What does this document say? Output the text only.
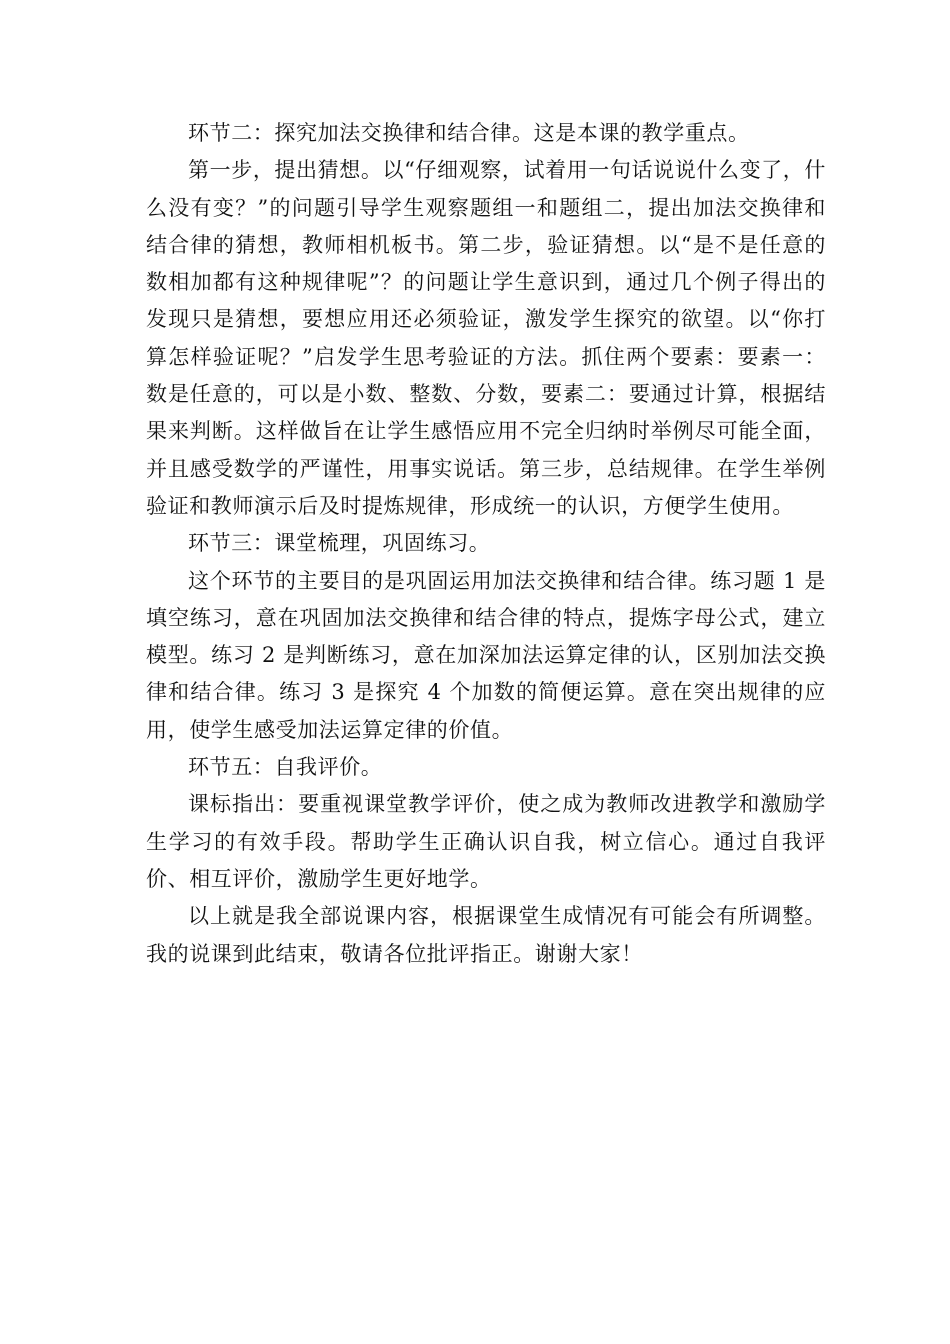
环节二：探究加法交换律和结合律。这是本课的教学重点。

第一步，提出猜想。以“仔细观察，试着用一句话说说什么变了，什么没有变？”的问题引导学生观察题组一和题组二，提出加法交换律和结合律的猜想，教师相机板书。第二步，验证猜想。以“是不是任意的数相加都有这种规律呢”？的问题让学生意识到，通过几个例子得出的发现只是猜想，要想应用还必须验证，激发学生探究的欲望。以“你打算怎样验证呢？”启发学生思考验证的方法。抓住两个要素：要素一：数是任意的，可以是小数、整数、分数，要素二：要通过计算，根据结果来判断。这样做旨在让学生感悟应用不完全归纳时举例尽可能全面，并且感受数学的严谨性，用事实说话。第三步，总结规律。在学生举例验证和教师演示后及时提炼规律，形成统一的认识，方便学生使用。

环节三：课堂梳理，巩固练习。

这个环节的主要目的是巩固运用加法交换律和结合律。练习题 1 是填空练习，意在巩固加法交换律和结合律的特点，提炼字母公式，建立模型。练习 2 是判断练习，意在加深加法运算定律的认，区别加法交换律和结合律。练习 3 是探究 4 个加数的简便运算。意在突出规律的应用，使学生感受加法运算定律的价值。

环节五：自我评价。

课标指出：要重视课堂教学评价，使之成为教师改进教学和激励学生学习的有效手段。帮助学生正确认识自我，树立信心。通过自我评价、相互评价，激励学生更好地学。

以上就是我全部说课内容，根据课堂生成情况有可能会有所调整。我的说课到此结束，敬请各位批评指正。谢谢大家！
